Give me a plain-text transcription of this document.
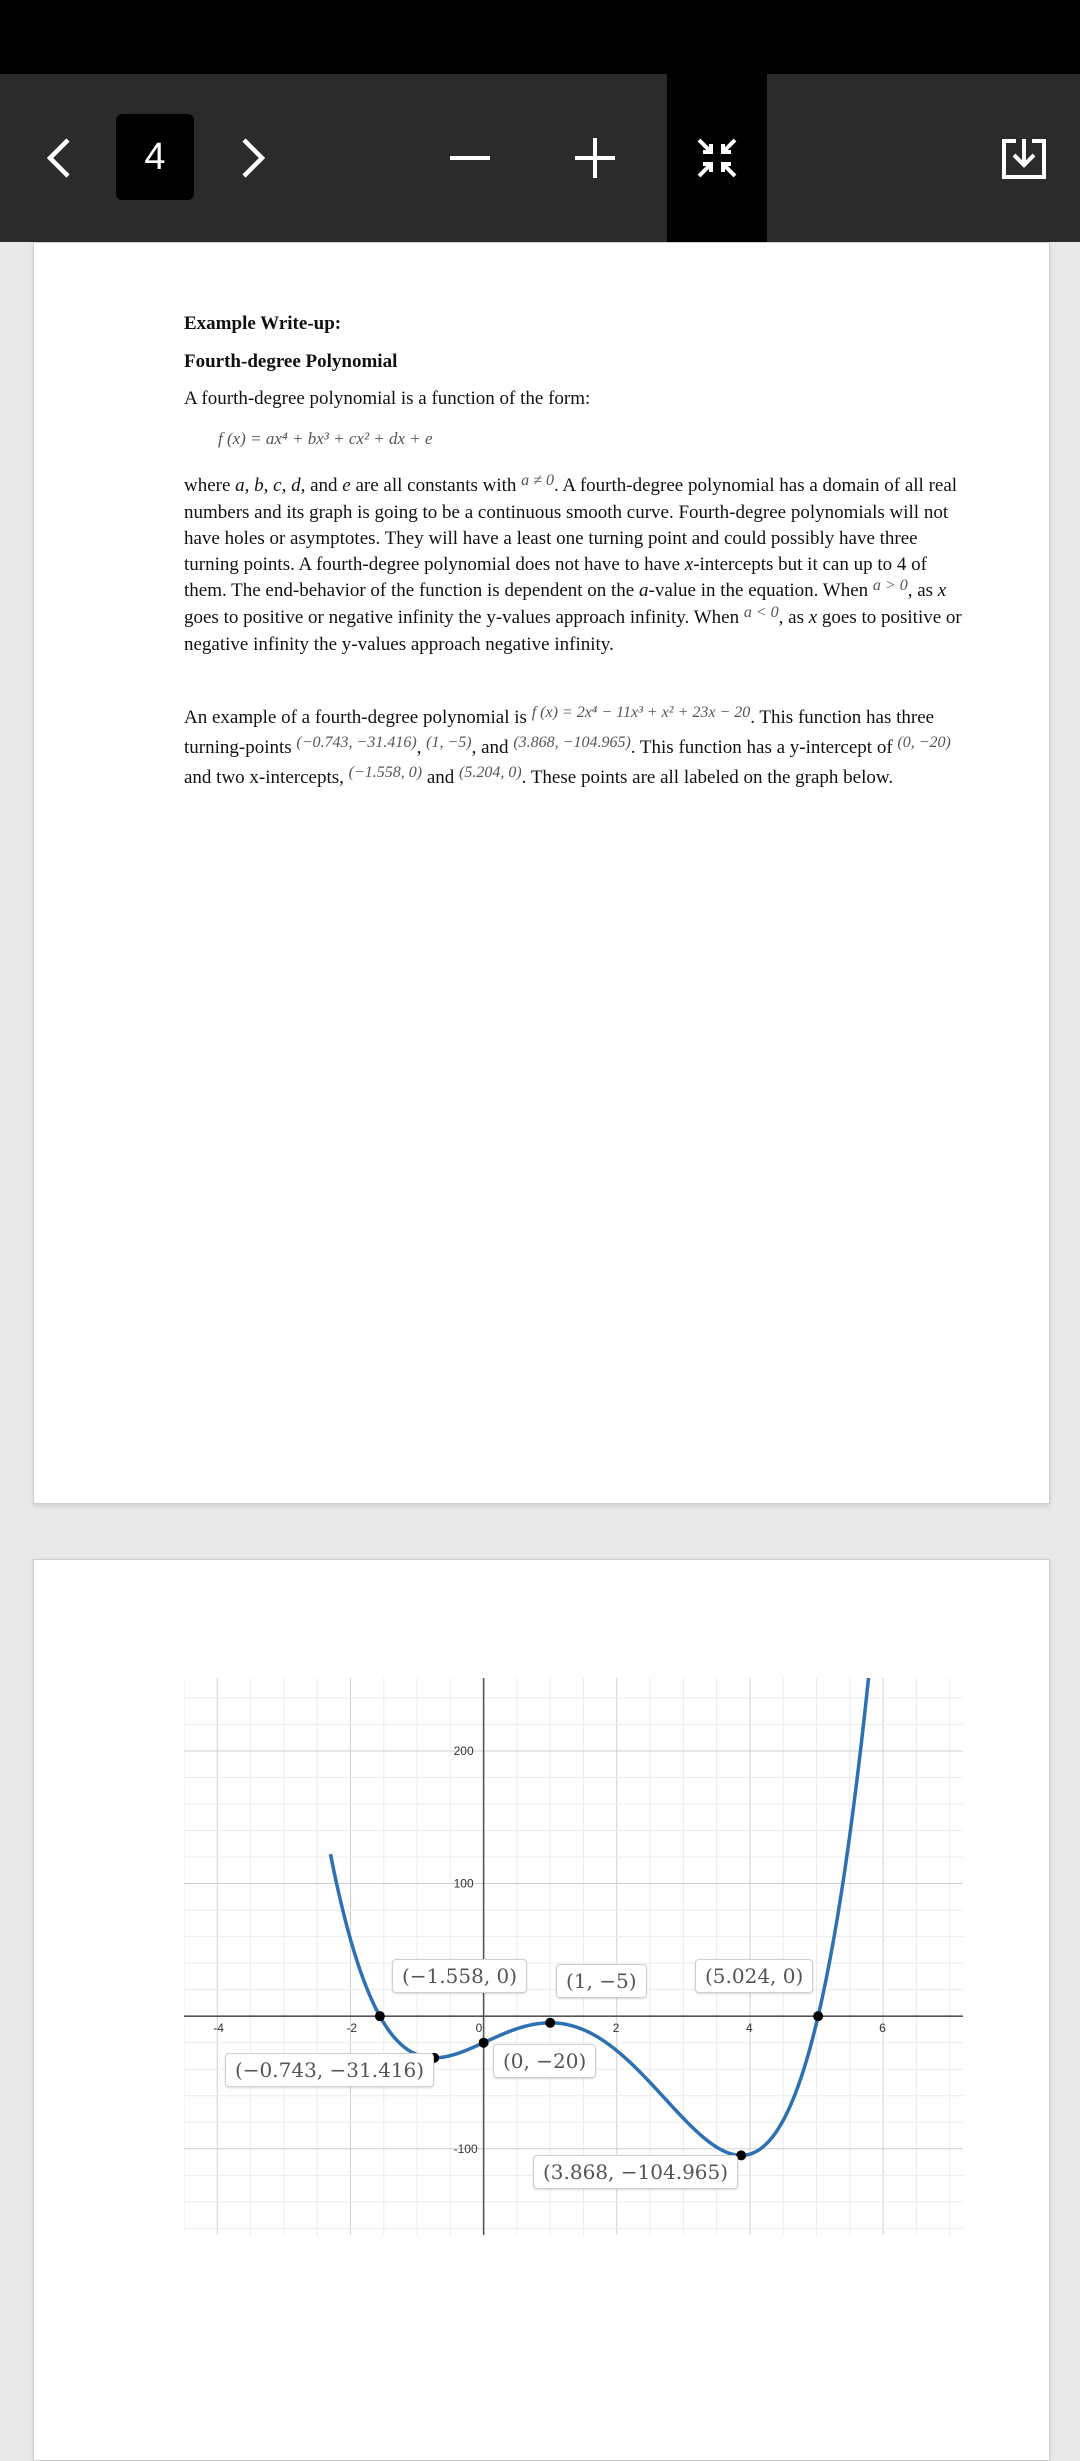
4
Example Write-up:
Fourth-degree Polynomial
A fourth-degree polynomial is a function of the form:
f (x) = ax⁴ + bx³ + cx² + dx + e
where a, b, c, d, and e are all constants with $^{a \ne 0}$. A fourth-degree polynomial has a domain of all real numbers and its graph is going to be a continuous smooth curve. Fourth-degree polynomials will not have holes or asymptotes. They will have a least one turning point and could possibly have three turning points. A fourth-degree polynomial does not have to have x-intercepts but it can up to 4 of them. The end-behavior of the function is dependent on the a-value in the equation. When $^{a > 0}$, as x goes to positive or negative infinity the y-values approach infinity. When $^{a < 0}$, as x goes to positive or negative infinity the y-values approach negative infinity.
An example of a fourth-degree polynomial is $^{f (x) = 2x^4 - 11x^3 + x^2 + 23x - 20}$. This function has three turning-points $^{(-0.743, -31.416)}$, $^{(1, -5)}$, and $^{(3.868, -104.965)}$. This function has a y-intercept of $^{(0, -20)}$ and two x-intercepts, $^{(-1.558, 0)}$ and $^{(5.204, 0)}$. These points are all labeled on the graph below.
-4	-2	0	2	4	6
200
100
-100
(−1.558, 0)	(1, −5)	(5.024, 0)
(0, −20)
(−0.743, −31.416)
(3.868, −104.965)
